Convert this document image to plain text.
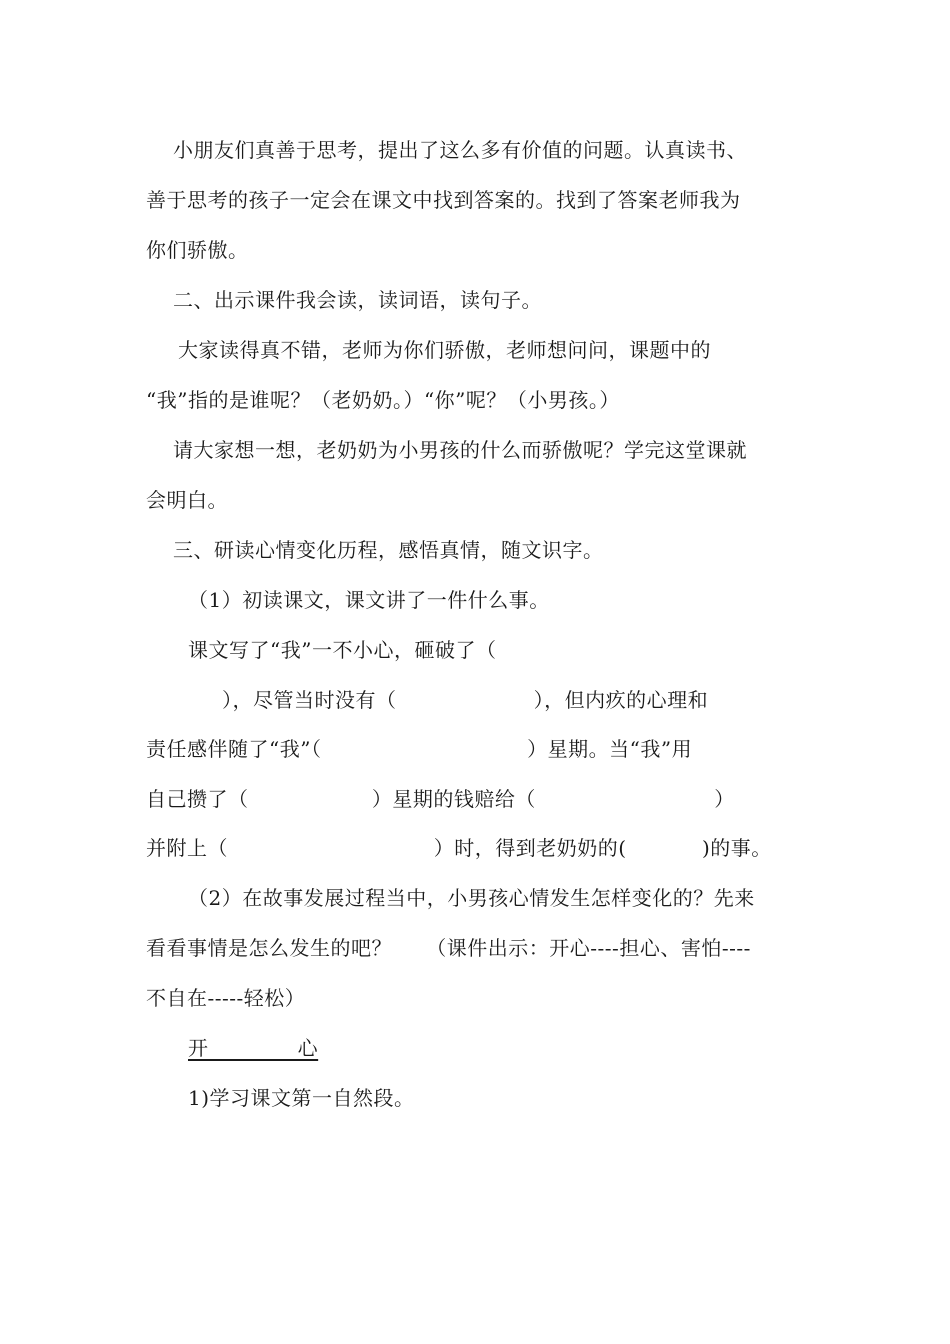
小朋友们真善于思考，提出了这么多有价值的问题。认真读书、
善于思考的孩子一定会在课文中找到答案的。找到了答案老师我为
你们骄傲。
二、出示课件我会读，读词语，读句子。
大家读得真不错，老师为你们骄傲，老师想问问，课题中的
“我”指的是谁呢？（老奶奶。）“你”呢？（小男孩。）
请大家想一想，老奶奶为小男孩的什么而骄傲呢？学完这堂课就
会明白。
三、研读心情变化历程，感悟真情，随文识字。
（1）初读课文，课文讲了一件什么事。
课文写了“我”一不小心，砸破了（
），尽管当时没有（                    ），但内疚的心理和
责任感伴随了“我”（                              ）星期。当“我”用
自己攒了（                  ）星期的钱赔给（                          ）
并附上（                              ）时，得到老奶奶的(           )的事。
（2）在故事发展过程当中，小男孩心情发生怎样变化的？先来
看看事情是怎么发生的吧？     （课件出示：开心----担心、害怕----
不自在-----轻松）
开             心
1)学习课文第一自然段。
